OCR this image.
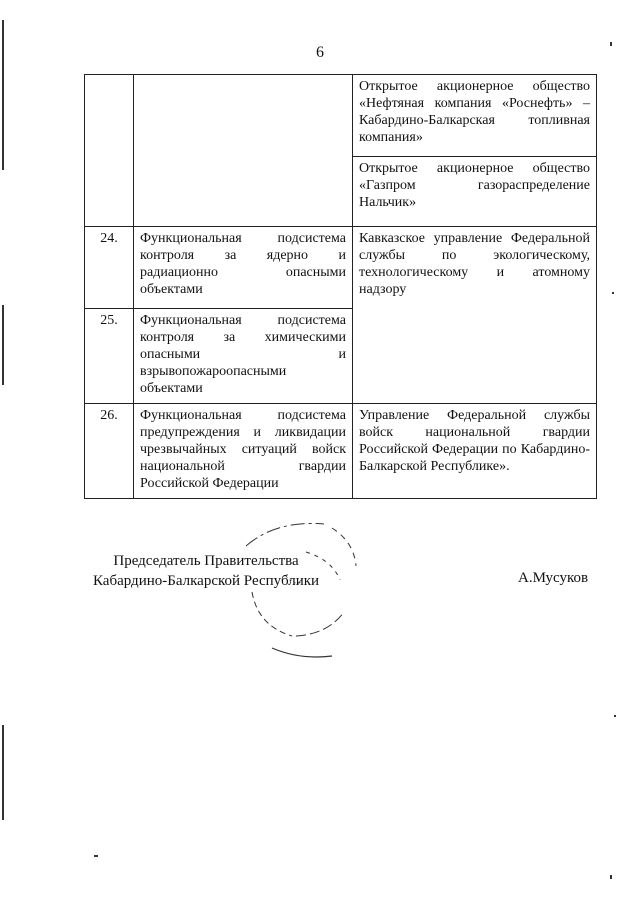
6
		Открытое акционерное общество «Нефтяная компания «Роснефть» – Кабардино-Балкарская топливная компания»
		Открытое акционерное общество «Газпром газораспределение Нальчик»
24.	Функциональная подсистема контроля за ядерно и радиационно опасными объектами	Кавказское управление Федеральной службы по экологическому, технологическому и атомному надзору
25.	Функциональная подсистема контроля за химическими опасными и взрывопожароопасными объектами	
26.	Функциональная подсистема предупреждения и ликвидации чрезвычайных ситуаций войск национальной гвардии Российской Федерации	Управление Федеральной службы войск национальной гвардии Российской Федерации по Кабардино-Балкарской Республике».
Председатель Правительства
Кабардино-Балкарской Республики	А.Мусуков
